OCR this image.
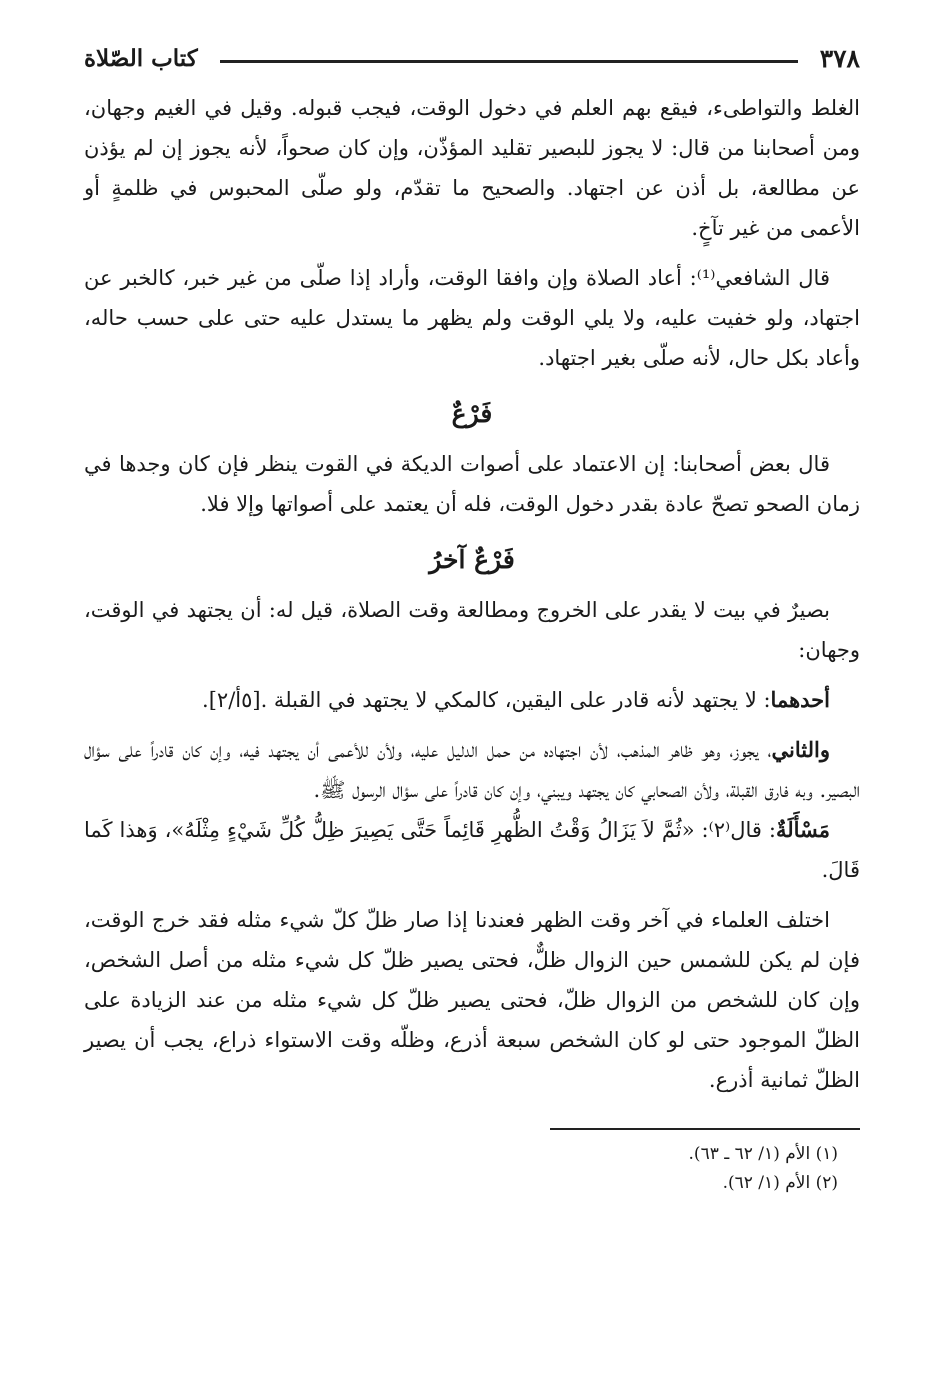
٣٧٨
كتاب الصّلاة

الغلط والتواطىء، فيقع بهم العلم في دخول الوقت، فيجب قبوله. وقيل في الغيم وجهان، ومن أصحابنا من قال: لا يجوز للبصير تقليد المؤذّن، وإن كان صحواً، لأنه يجوز إن لم يؤذن عن مطالعة، بل أذن عن اجتهاد. والصحيح ما تقدّم، ولو صلّى المحبوس في ظلمةٍ أو الأعمى من غير تآخٍ.

قال الشافعي⁽¹⁾: أعاد الصلاة وإن وافقا الوقت، وأراد إذا صلّى من غير خبر، كالخبر عن اجتهاد، ولو خفيت عليه، ولا يلي الوقت ولم يظهر ما يستدل عليه حتى على حسب حاله، وأعاد بكل حال، لأنه صلّى بغير اجتهاد.

فَرْعٌ

قال بعض أصحابنا: إن الاعتماد على أصوات الديكة في القوت ينظر فإن كان وجدها في زمان الصحو تصحّ عادة بقدر دخول الوقت، فله أن يعتمد على أصواتها وإلا فلا.

فَرْعٌ آخرُ

بصيرٌ في بيت لا يقدر على الخروج ومطالعة وقت الصلاة، قيل له: أن يجتهد في الوقت، وجهان:

أحدهما: لا يجتهد لأنه قادر على اليقين، كالمكي لا يجتهد في القبلة .[٥أ/٢].

والثاني، يجوز، وهو ظاهر المذهب، لأن اجتهاده من حمل الدليل عليه، ولأن للأعمى أن يجتهد فيه، وإن كان قادراً على سؤال البصير. وبه فارق القبلة، ولأن الصحابي كان يجتهد ويبني، وإن كان قادراً على سؤال الرسول ﷺ.

مَسْأَلَةٌ: قال⁽٢⁾: «ثُمَّ لاَ يَزَالُ وَقْتُ الظُّهرِ قَائِماً حَتَّى يَصِيرَ ظِلُّ كُلِّ شَيْءٍ مِثْلَهُ»، وَهذا كَما قَالَ.

اختلف العلماء في آخر وقت الظهر فعندنا إذا صار ظلّ كلّ شيء مثله فقد خرج الوقت، فإن لم يكن للشمس حين الزوال ظلٌّ، فحتى يصير ظلّ كل شيء مثله من أصل الشخص، وإن كان للشخص من الزوال ظلّ، فحتى يصير ظلّ كل شيء مثله من عند الزيادة على الظلّ الموجود حتى لو كان الشخص سبعة أذرع، وظلّه وقت الاستواء ذراع، يجب أن يصير الظلّ ثمانية أذرع.

(١) الأم (١/ ٦٢ ـ ٦٣).
(٢) الأم (١/ ٦٢).
